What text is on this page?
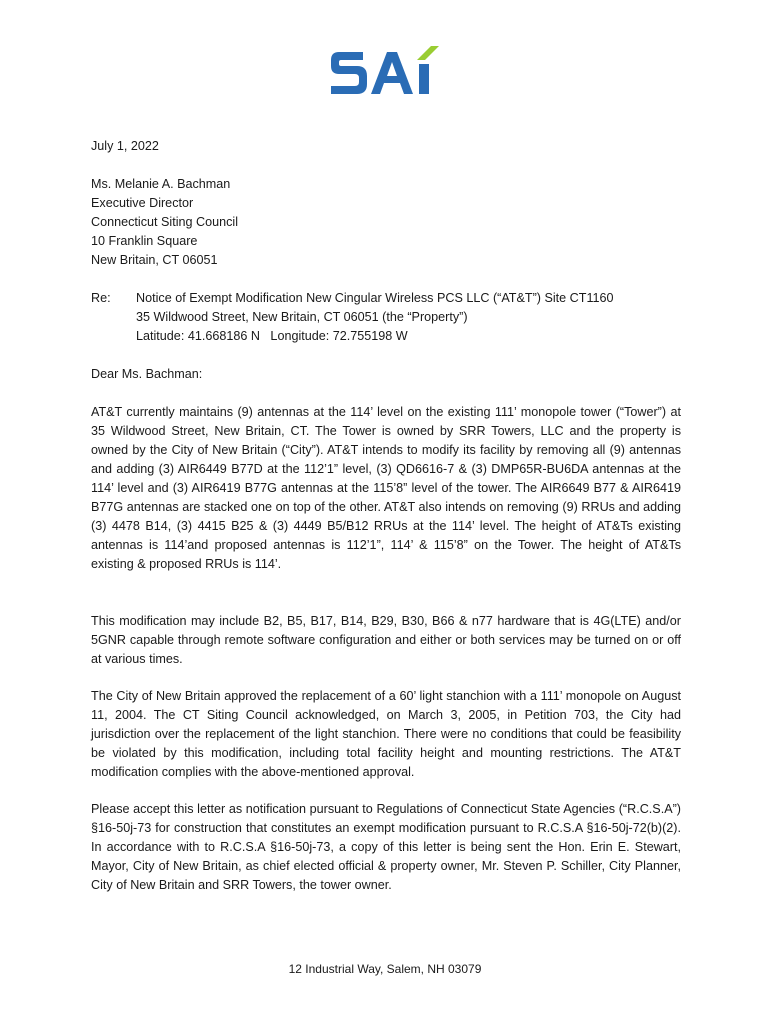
July 1, 2022
Ms. Melanie A. Bachman
Executive Director
Connecticut Siting Council
10 Franklin Square
New Britain, CT 06051
Re: Notice of Exempt Modification New Cingular Wireless PCS LLC (“AT&T”) Site CT1160
35 Wildwood Street, New Britain, CT 06051 (the “Property”)
Latitude: 41.668186 N   Longitude: 72.755198 W
Dear Ms. Bachman:

AT&T currently maintains (9) antennas at the 114’ level on the existing 111’ monopole tower (“Tower”) at 35 Wildwood Street, New Britain, CT. The Tower is owned by SRR Towers, LLC and the property is owned by the City of New Britain (“City”). AT&T intends to modify its facility by removing all (9) antennas and adding (3) AIR6449 B77D at the 112’1” level, (3) QD6616-7 & (3) DMP65R-BU6DA antennas at the 114’ level and (3) AIR6419 B77G antennas at the 115’8” level of the tower. The AIR6649 B77 & AIR6419 B77G antennas are stacked one on top of the other. AT&T also intends on removing (9) RRUs and adding (3) 4478 B14, (3) 4415 B25 & (3) 4449 B5/B12 RRUs at the 114’ level. The height of AT&Ts existing antennas is 114’and proposed antennas is 112’1”, 114’ & 115’8” on the Tower. The height of AT&Ts existing & proposed RRUs is 114’.

This modification may include B2, B5, B17, B14, B29, B30, B66 & n77 hardware that is 4G(LTE) and/or 5GNR capable through remote software configuration and either or both services may be turned on or off at various times.

The City of New Britain approved the replacement of a 60’ light stanchion with a 111’ monopole on August 11, 2004. The CT Siting Council acknowledged, on March 3, 2005, in Petition 703, the City had jurisdiction over the replacement of the light stanchion. There were no conditions that could be feasibility be violated by this modification, including total facility height and mounting restrictions. The AT&T modification complies with the above-mentioned approval.

Please accept this letter as notification pursuant to Regulations of Connecticut State Agencies (“R.C.S.A”) §16-50j-73 for construction that constitutes an exempt modification pursuant to R.C.S.A §16-50j-72(b)(2). In accordance with to R.C.S.A §16-50j-73, a copy of this letter is being sent the Hon. Erin E. Stewart, Mayor, City of New Britain, as chief elected official & property owner, Mr. Steven P. Schiller, City Planner, City of New Britain and SRR Towers, the tower owner.

12 Industrial Way, Salem, NH 03079
